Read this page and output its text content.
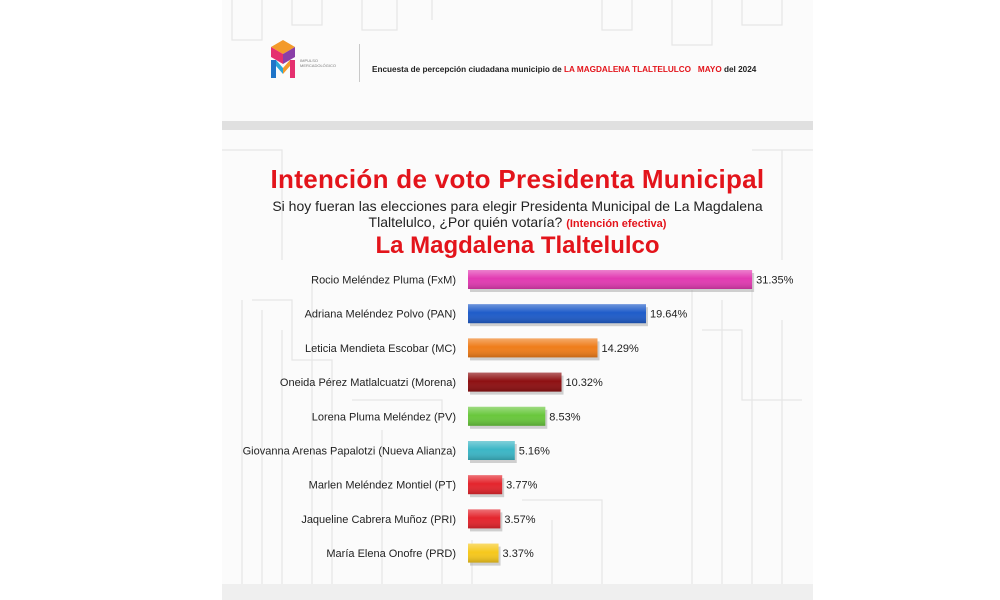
IMPULSO
MERCADOLÓGICO	Encuesta de percepción ciudadana municipio de LA MAGDALENA TLALTELULCO MAYO del 2024
Intención de voto Presidenta Municipal
Si hoy fueran las elecciones para elegir Presidenta Municipal de La Magdalena
Tlaltelulco, ¿Por quién votaría? (Intención efectiva)
La Magdalena Tlaltelulco
Rocio Meléndez Pluma (FxM)	31.35%
Adriana Meléndez Polvo (PAN)	19.64%
Leticia Mendieta Escobar (MC)	14.29%
Oneida Pérez Matlalcuatzi (Morena)	10.32%
Lorena Pluma Meléndez (PV)	8.53%
Giovanna Arenas Papalotzi (Nueva Alianza)	5.16%
Marlen Meléndez Montiel (PT)	3.77%
Jaqueline Cabrera Muñoz (PRI)	3.57%
María Elena Onofre (PRD)	3.37%
